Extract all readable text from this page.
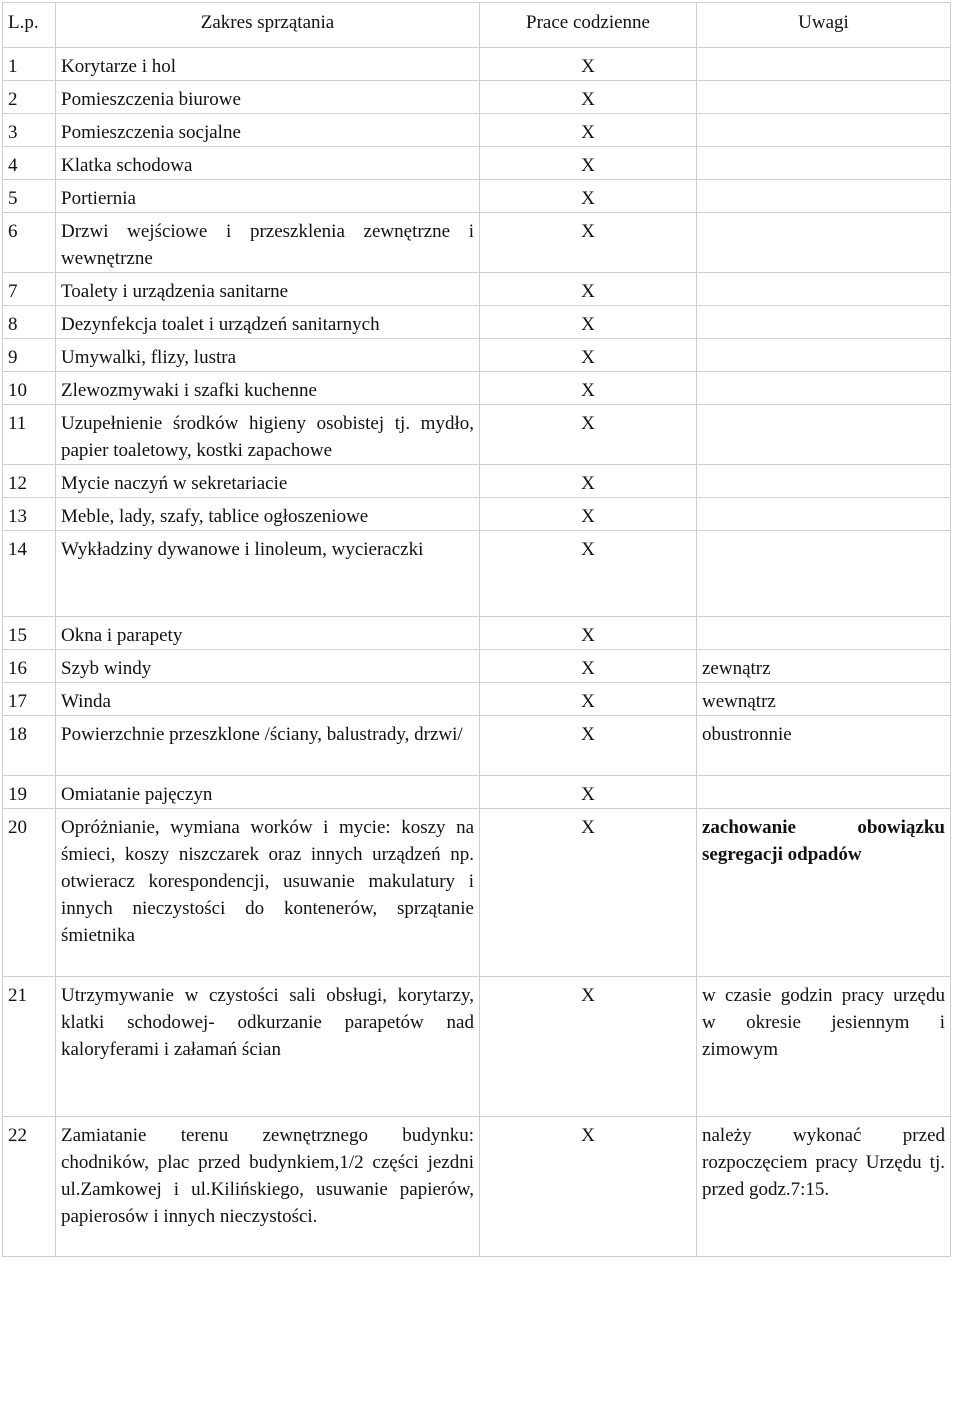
L.p.	Zakres sprzątania	Prace codzienne	Uwagi
1	Korytarze i hol	X	
2	Pomieszczenia biurowe	X	
3	Pomieszczenia socjalne	X	
4	Klatka schodowa	X	
5	Portiernia	X	
6	Drzwi wejściowe i przeszklenia zewnętrzne i wewnętrzne	X	
7	Toalety i urządzenia sanitarne	X	
8	Dezynfekcja toalet i urządzeń sanitarnych	X	
9	Umywalki, flizy, lustra	X	
10	Zlewozmywaki i szafki kuchenne	X	
11	Uzupełnienie środków higieny osobistej tj. mydło, papier toaletowy, kostki zapachowe	X	
12	Mycie naczyń w sekretariacie	X	
13	Meble, lady, szafy, tablice ogłoszeniowe	X	
14	Wykładziny dywanowe i linoleum, wycieraczki	X	
15	Okna i parapety	X	
16	Szyb windy	X	zewnątrz
17	Winda	X	wewnątrz
18	Powierzchnie przeszklone /ściany, balustrady, drzwi/	X	obustronnie
19	Omiatanie pajęczyn	X	
20	Opróżnianie, wymiana worków i mycie: koszy na śmieci, koszy niszczarek oraz innych urządzeń np. otwieracz korespondencji, usuwanie makulatury i innych nieczystości do kontenerów, sprzątanie śmietnika	X	zachowanie obowiązku segregacji odpadów
21	Utrzymywanie w czystości sali obsługi, korytarzy, klatki schodowej- odkurzanie parapetów nad kaloryferami i załamań ścian	X	w czasie godzin pracy urzędu w okresie jesiennym i zimowym
22	Zamiatanie terenu zewnętrznego budynku: chodników, plac przed budynkiem,1/2 części jezdni ul.Zamkowej i ul.Kilińskiego, usuwanie papierów, papierosów i innych nieczystości.	X	należy wykonać przed rozpoczęciem pracy Urzędu tj. przed godz.7:15.
